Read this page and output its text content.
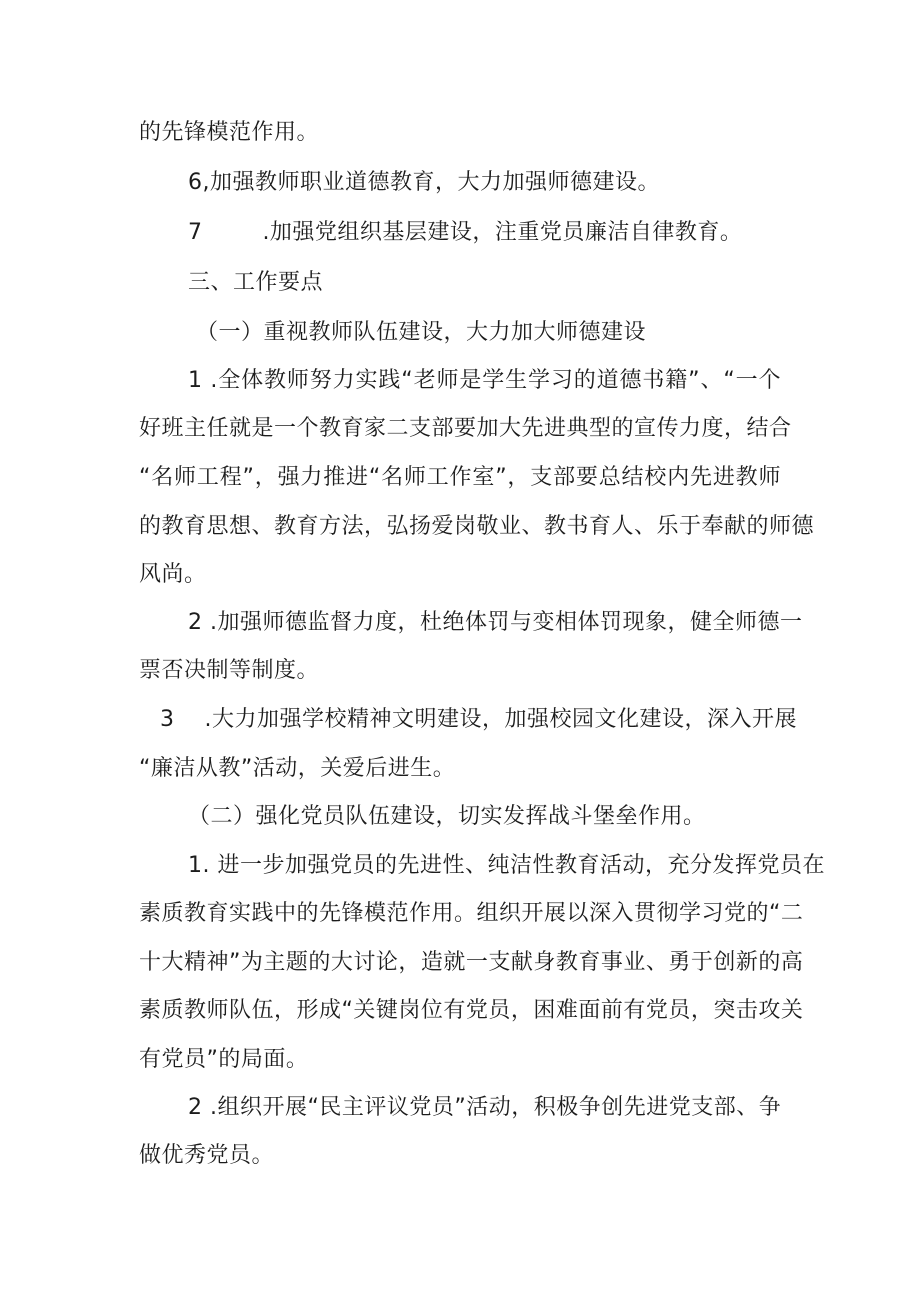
的先锋模范作用。
6,加强教师职业道德教育，大力加强师德建设。
7        .加强党组织基层建设，注重党员廉洁自律教育。
三、工作要点
（一）重视教师队伍建设，大力加大师德建设
1 .全体教师努力实践“老师是学生学习的道德书籍”、“一个
好班主任就是一个教育家二支部要加大先进典型的宣传力度，结合
“名师工程”，强力推进“名师工作室”，支部要总结校内先进教师
的教育思想、教育方法，弘扬爱岗敬业、教书育人、乐于奉献的师德
风尚。
2 .加强师德监督力度，杜绝体罚与变相体罚现象，健全师德一
票否决制等制度。
3    .大力加强学校精神文明建设，加强校园文化建设，深入开展
“廉洁从教”活动，关爱后进生。
（二）强化党员队伍建设，切实发挥战斗堡垒作用。
1. 进一步加强党员的先进性、纯洁性教育活动，充分发挥党员在
素质教育实践中的先锋模范作用。组织开展以深入贯彻学习党的“二
十大精神”为主题的大讨论，造就一支献身教育事业、勇于创新的高
素质教师队伍，形成“关键岗位有党员，困难面前有党员，突击攻关
有党员”的局面。
2 .组织开展“民主评议党员”活动，积极争创先进党支部、争
做优秀党员。
